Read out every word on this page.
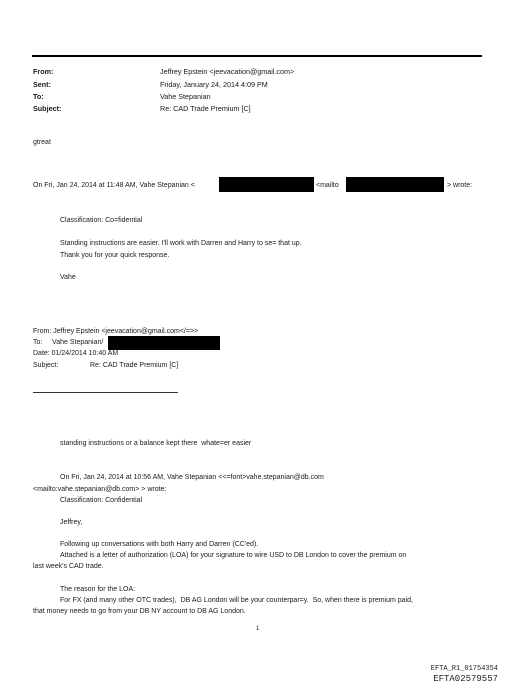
From:	Jeffrey Epstein <jeevacation@gmail.com>
Sent:	Friday, January 24, 2014 4:09 PM
To:	Vahe Stepanian
Subject:	Re: CAD Trade Premium [C]
gtreat
On Fri, Jan 24, 2014 at 11:48 AM, Vahe Stepanian <	<mailto	> wrote:
Classification: Co=fidential
Standing instructions are easier. I'll work with Darren and Harry to se= that up.
Thank you for your quick response.
Vahe
From: Jeffrey Epstein <jeevacation@gmail.com</=>>
To:     Vahe Stepanian/
Date: 01/24/2014 10:40 AM
Subject:	Re: CAD Trade Premium [C]
standing instructions or a balance kept there  whate=er easier
On Fri, Jan 24, 2014 at 10:56 AM, Vahe Stepanian <<=font>vahe.stepanian@db.com
<mailto:vahe.stepanian@db.com> > wrote:
Classification: Confidential
Jeffrey,
Following up conversations with both Harry and Darren (CC'ed).
Attached is a letter of authorization (LOA) for your signature to wire USD to DB London to cover the premium on
last week's CAD trade.
The reason for the LOA:
For FX (and many other OTC trades),  DB AG London will be your counterpar=y.  So, when there is premium paid,
that money needs to go from your DB NY account to DB AG London.
1
EFTA_R1_01754354
EFTA02579557
